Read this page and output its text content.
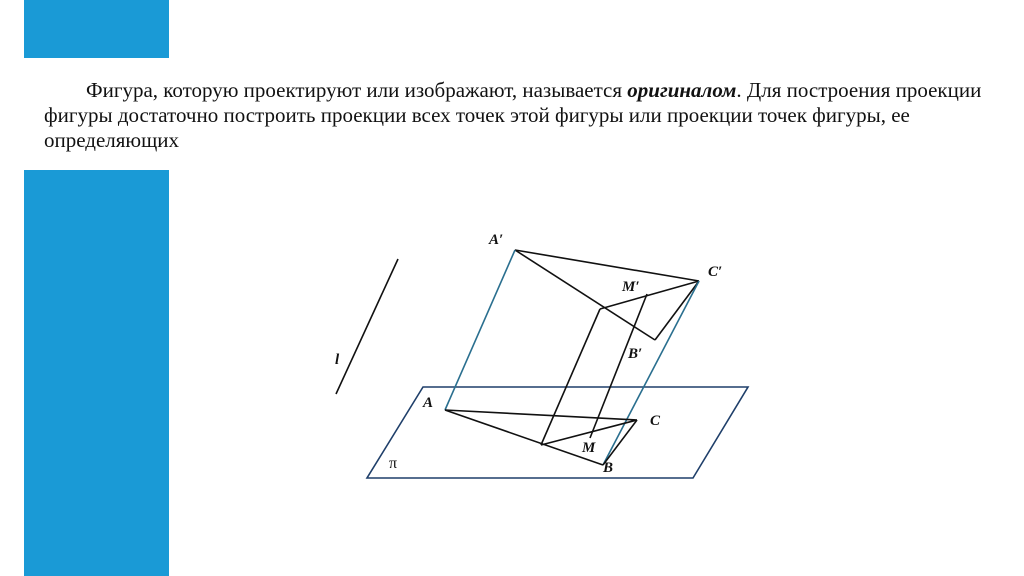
Фигура, которую проектируют или изображают, называется оригиналом. Для построения проекции фигуры достаточно построить проекции всех точек этой фигуры или проекции точек фигуры, ее определяющих

A′
C′
M′
B′
l
A
C
M
B
π
